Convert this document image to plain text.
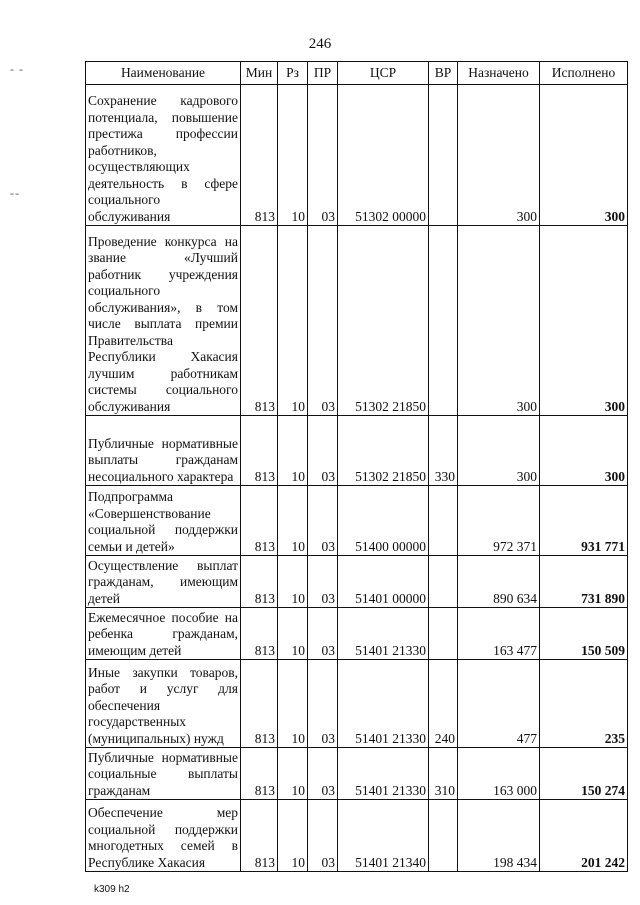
246
- -
--
Наименование	Мин	Рз	ПР	ЦСР	ВР	Назначено	Исполнено
Сохранение кадрового потенциала, повышение престижа профессии работников, осуществляющих деятельность в сфере социального обслуживания	813	10	03	51302 00000		300	300
Проведение конкурса на звание «Лучший работник учреждения социального обслуживания», в том числе выплата премии Правительства Республики Хакасия лучшим работникам системы социального обслуживания	813	10	03	51302 21850		300	300
Публичные нормативные выплаты гражданам несоциального характера	813	10	03	51302 21850	330	300	300
Подпрограмма «Совершенствование социальной поддержки семьи и детей»	813	10	03	51400 00000		972 371	931 771
Осуществление выплат гражданам, имеющим детей	813	10	03	51401 00000		890 634	731 890
Ежемесячное пособие на ребенка гражданам, имеющим детей	813	10	03	51401 21330		163 477	150 509
Иные закупки товаров, работ и услуг для обеспечения государственных (муниципальных) нужд	813	10	03	51401 21330	240	477	235
Публичные нормативные социальные выплаты гражданам	813	10	03	51401 21330	310	163 000	150 274
Обеспечение мер социальной поддержки многодетных семей в Республике Хакасия	813	10	03	51401 21340		198 434	201 242
k309 h2
